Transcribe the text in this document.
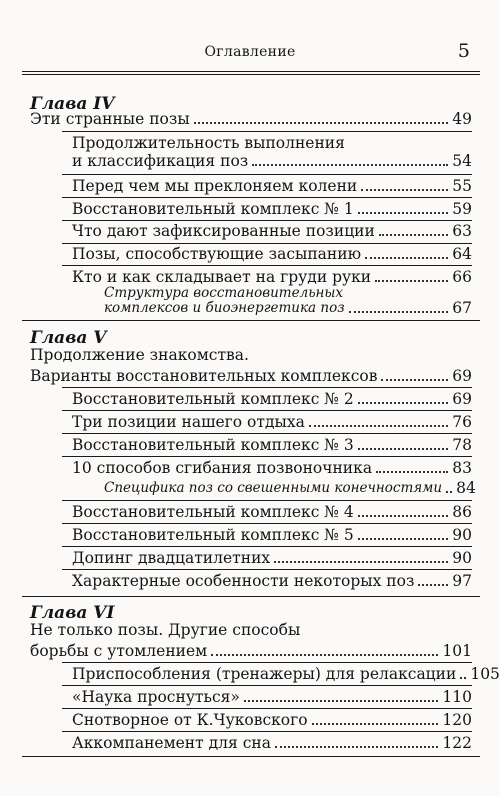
Оглавление	5
Глава IV
Эти странные позы	49
Продолжительность выполнения
и классификация поз	54
Перед чем мы преклоняем колени	55
Восстановительный комплекс № 1	59
Что дают зафиксированные позиции	63
Позы, способствующие засыпанию	64
Кто и как складывает на груди руки	66
Структура восстановительных
комплексов и биоэнергетика поз	67
Глава V
Продолжение знакомства.
Варианты восстановительных комплексов	69
Восстановительный комплекс № 2	69
Три позиции нашего отдыха	76
Восстановительный комплекс № 3	78
10 способов сгибания позвоночника	83
Специфика поз со свешенными конечностями 84
Восстановительный комплекс № 4	86
Восстановительный комплекс № 5	90
Допинг двадцатилетних	90
Характерные особенности некоторых поз 97
Глава VI
Не только позы. Другие способы
борьбы с утомлением	101
Приспособления (тренажеры) для релаксации 105
«Наука проснуться»	110
Снотворное от К.Чуковского	120
Аккомпанемент для сна	122
